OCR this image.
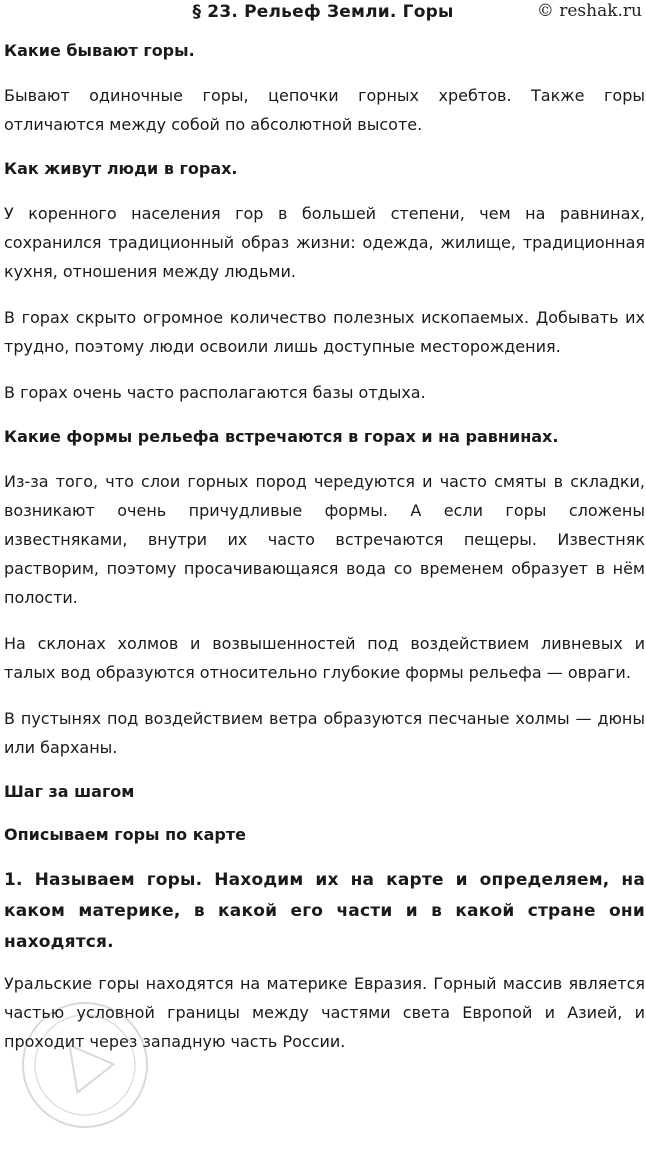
§ 23. Рельеф Земли. Горы	© reshak.ru
Какие бывают горы.
Бывают одиночные горы, цепочки горных хребтов. Также горы отличаются между собой по абсолютной высоте.
Как живут люди в горах.
У коренного населения гор в большей степени, чем на равнинах, сохранился традиционный образ жизни: одежда, жилище, традиционная кухня, отношения между людьми.
В горах скрыто огромное количество полезных ископаемых. Добывать их трудно, поэтому люди освоили лишь доступные месторождения.
В горах очень часто располагаются базы отдыха.
Какие формы рельефа встречаются в горах и на равнинах.
Из-за того, что слои горных пород чередуются и часто смяты в складки, возникают очень причудливые формы. А если горы сложены известняками, внутри их часто встречаются пещеры. Известняк растворим, поэтому просачивающаяся вода со временем образует в нём полости.
На склонах холмов и возвышенностей под воздействием ливневых и талых вод образуются относительно глубокие формы рельефа — овраги.
В пустынях под воздействием ветра образуются песчаные холмы — дюны или барханы.
Шаг за шагом
Описываем горы по карте
1. Называем горы. Находим их на карте и определяем, на каком материке, в какой его части и в какой стране они находятся.
Уральские горы находятся на материке Евразия. Горный массив является частью условной границы между частями света Европой и Азией, и проходит через западную часть России.
